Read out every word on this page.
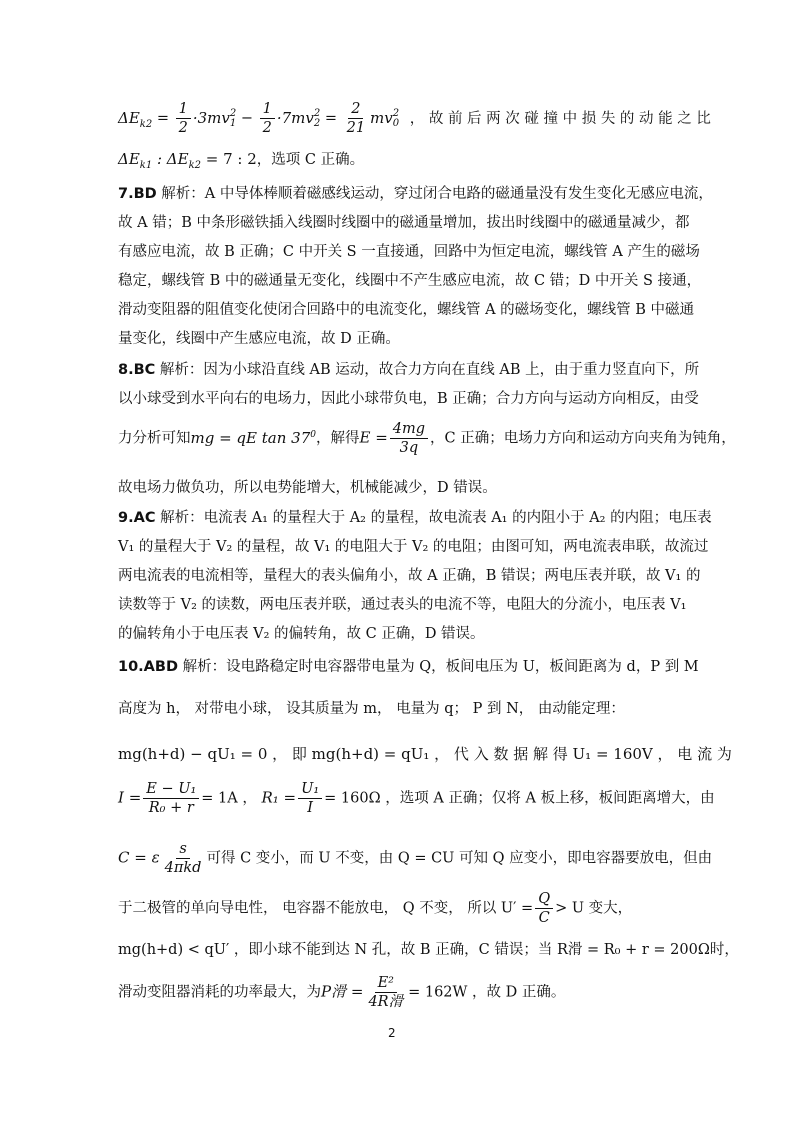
$\Delta E_{k2} = \frac{1}{2} \cdot 3mv$ 2
$1 - \frac{1}{2} \cdot 7mv$ 2
$2 = \frac{2}{21}$ mv 2
0 ， 故 前 后 两 次 碰 撞 中 损 失 的 动 能 之 比
$\Delta E_{k1}$ : $\Delta E_{k2} = 7$ : 2，选项 C 正确。
7.BD 解析：A 中导体棒顺着磁感线运动，穿过闭合电路的磁通量没有发生变化无感应电流，
故 A 错；B 中条形磁铁插入线圈时线圈中的磁通量增加，拔出时线圈中的磁通量减少，都
有感应电流，故 B 正确；C 中开关 S 一直接通，回路中为恒定电流，螺线管 A 产生的磁场
稳定，螺线管 B 中的磁通量无变化，线圈中不产生感应电流，故 C 错；D 中开关 S 接通，
滑动变阻器的阻值变化使闭合回路中的电流变化，螺线管 A 的磁场变化，螺线管 B 中磁通
量变化，线圈中产生感应电流，故 D 正确。
8.BC 解析：因为小球沿直线 AB 运动，故合力方向在直线 AB 上，由于重力竖直向下，所
以小球受到水平向右的电场力，因此小球带负电，B 正确；合力方向与运动方向相反，由受
力分析可知mg = qE $\tan 37^0$，解得$E = \frac{4mg}{3q}$ ，C 正确；电场力方向和运动方向夹角为钝角，
故电场力做负功，所以电势能增大，机械能减少，D 错误。
9.AC 解析：电流表 A₁ 的量程大于 A₂ 的量程，故电流表 A₁ 的内阻小于 A₂ 的内阻；电压表
V₁ 的量程大于 V₂ 的量程，故 V₁ 的电阻大于 V₂ 的电阻；由图可知，两电流表串联，故流过
两电流表的电流相等，量程大的表头偏角小，故 A 正确，B 错误；两电压表并联，故 V₁ 的
读数等于 V₂ 的读数，两电压表并联，通过表头的电流不等，电阻大的分流小，电压表 V₁
的偏转角小于电压表 V₂ 的偏转角，故 C 正确，D 错误。
10.ABD 解析：设电路稳定时电容器带电量为 Q，板间电压为 U，板间距离为 d，P 到 M
高度为 h， 对带电小球， 设其质量为 m， 电量为 q； P 到 N， 由动能定理：
mg(h+d) − qU₁ = 0 ， 即 mg(h+d) = qU₁ ， 代 入 数 据 解 得 U₁ = 160V ， 电 流 为
$I = \frac{\text{E − U₁}}{\text{R₀ + r}} = 1A$ ， $R_1 = \frac{\text{U₁}}{I} = 160\Omega$ ，选项 A 正确；仅将 A 板上移，板间距离增大，由
C = ε $\frac{s}{\text{4πkd}}$ 可得 C 变小，而 U 不变，由 Q = CU 可知 Q 应变小，即电容器要放电，但由
于二极管的单向导电性， 电容器不能放电， Q 不变， 所以 $U' = \frac{Q}{C} > U$ 变大，
mg(h+d) < qU′ ，即小球不能到达 N 孔，故 B 正确，C 错误；当 R滑 = R₀ + r = 200Ω时，
滑动变阻器消耗的功率最大，为P滑 = $\frac{\text{E²}}{\text{4R滑}} = 162W$ ，故 D 正确。
2
